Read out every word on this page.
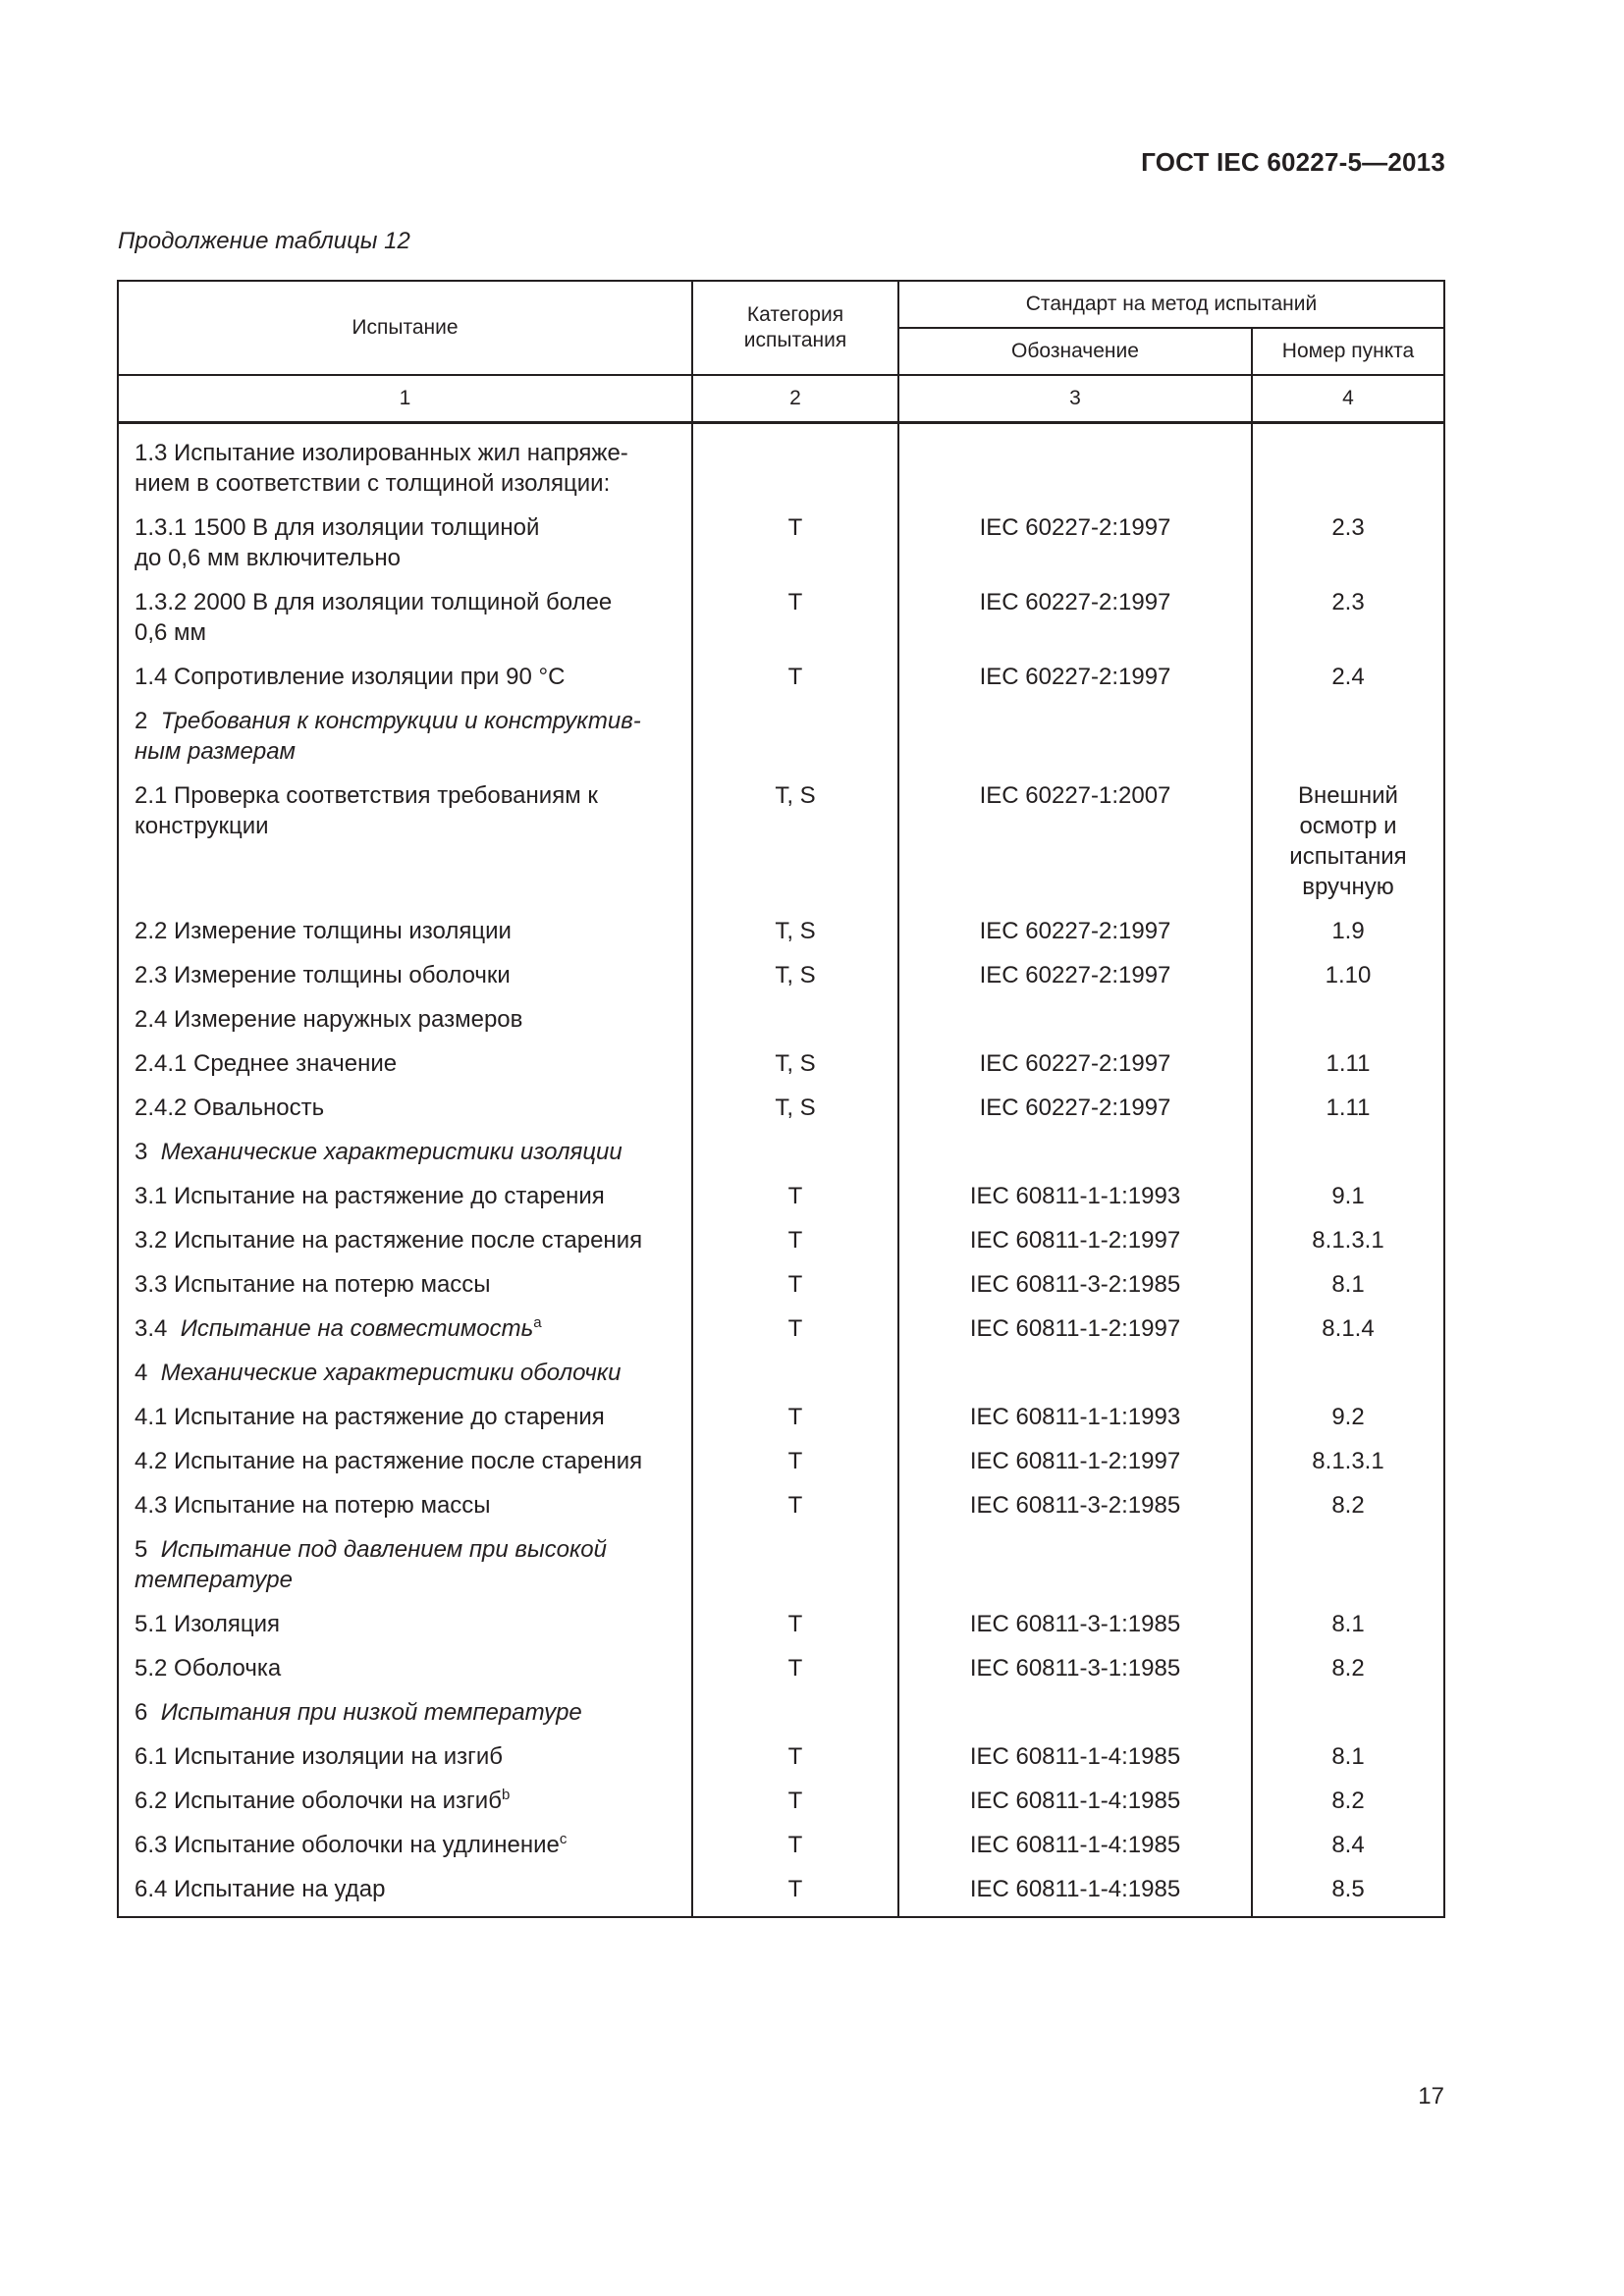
ГОСТ IEC 60227-5—2013
Продолжение таблицы 12
Испытание	Категория испытания	Стандарт на метод испытаний	
		Обозначение	Номер пункта
1	2	3	4
1.3 Испытание изолированных жил напряже-
нием в соответствии с толщиной изоляции:			
1.3.1 1500 В для изоляции толщиной
до 0,6 мм включительно	Т	IEC 60227-2:1997	2.3
1.3.2 2000 В для изоляции толщиной более
0,6 мм	Т	IEC 60227-2:1997	2.3
1.4 Сопротивление изоляции при 90 °С	Т	IEC 60227-2:1997	2.4
2 Требования к конструкции и конструктив-
ным размерам			
2.1 Проверка соответствия требованиям к
конструкции	Т, S	IEC 60227-1:2007	Внешний
осмотр и
испытания
вручную
2.2 Измерение толщины изоляции	Т, S	IEC 60227-2:1997	1.9
2.3 Измерение толщины оболочки	Т, S	IEC 60227-2:1997	1.10
2.4 Измерение наружных размеров			
2.4.1 Среднее значение	Т, S	IEC 60227-2:1997	1.11
2.4.2 Овальность	Т, S	IEC 60227-2:1997	1.11
3 Механические характеристики изоляции			
3.1 Испытание на растяжение до старения	Т	IEC 60811-1-1:1993	9.1
3.2 Испытание на растяжение после старения	Т	IEC 60811-1-2:1997	8.1.3.1
3.3 Испытание на потерю массы	Т	IEC 60811-3-2:1985	8.1
3.4 Испытание на совместимость$^a$	Т	IEC 60811-1-2:1997	8.1.4
4 Механические характеристики оболочки			
4.1 Испытание на растяжение до старения	Т	IEC 60811-1-1:1993	9.2
4.2 Испытание на растяжение после старения	Т	IEC 60811-1-2:1997	8.1.3.1
4.3 Испытание на потерю массы	Т	IEC 60811-3-2:1985	8.2
5 Испытание под давлением при высокой
температуре			
5.1 Изоляция	Т	IEC 60811-3-1:1985	8.1
5.2 Оболочка	Т	IEC 60811-3-1:1985	8.2
6 Испытания при низкой температуре			
6.1 Испытание изоляции на изгиб	Т	IEC 60811-1-4:1985	8.1
6.2 Испытание оболочки на изгиб$^b$	Т	IEC 60811-1-4:1985	8.2
6.3 Испытание оболочки на удлинение$^c$	Т	IEC 60811-1-4:1985	8.4
6.4 Испытание на удар	Т	IEC 60811-1-4:1985	8.5
17
